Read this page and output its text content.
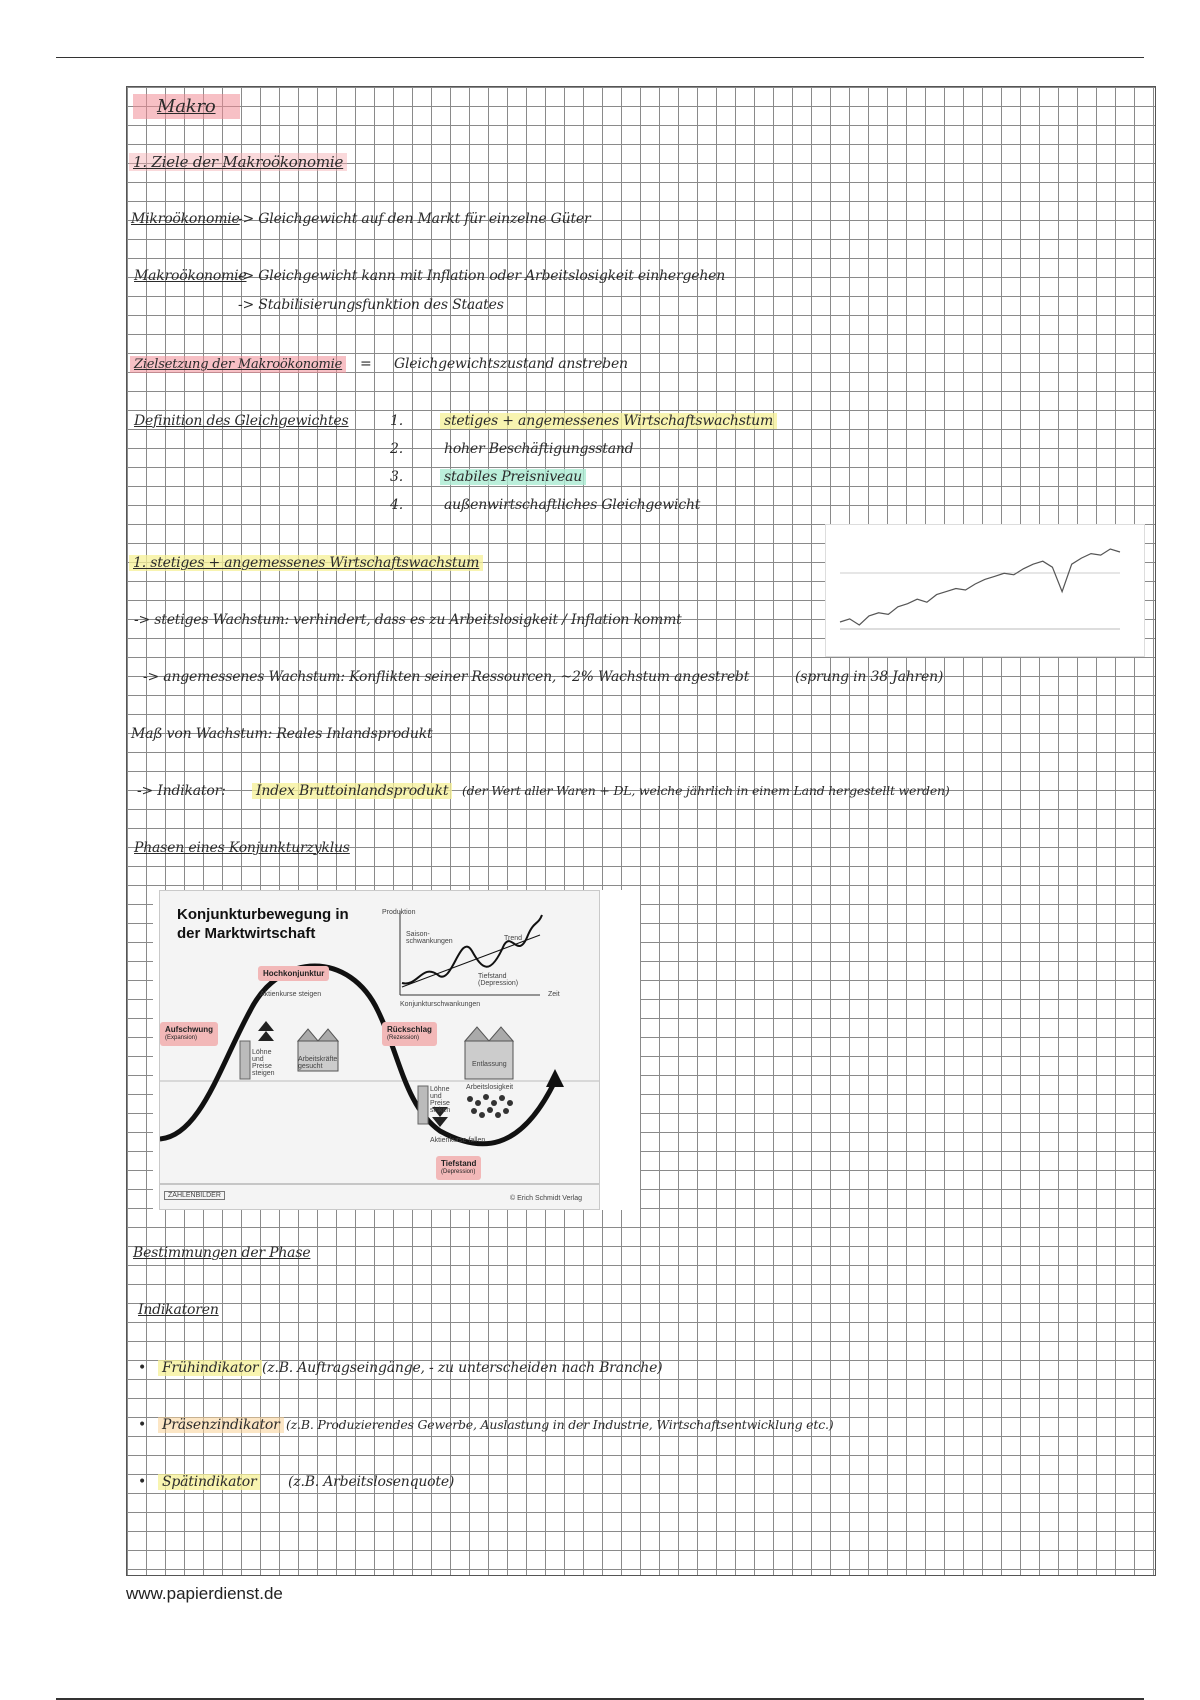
Makro
1. Ziele der Makroökonomie
Mikroökonomie
-> Gleichgewicht auf den Markt für einzelne Güter
Makroökonomie
-> Gleichgewicht kann mit Inflation oder Arbeitslosigkeit einhergehen
-> Stabilisierungsfunktion des Staates
Zielsetzung der Makroökonomie = Gleichgewichtszustand anstreben
Definition des Gleichgewichtes	1.	stetiges + angemessenes Wirtschaftswachstum
2.	hoher Beschäftigungsstand
3.	stabiles Preisniveau
4.	außenwirtschaftliches Gleichgewicht
1. stetiges + angemessenes Wirtschaftswachstum
-> stetiges Wachstum: verhindert, dass es zu Arbeitslosigkeit / Inflation kommt
-> angemessenes Wachstum: Konflikten seiner Ressourcen, ~2% Wachstum angestrebt	(sprung in 38 Jahren)
Maß von Wachstum: Reales Inlandsprodukt
-> Indikator: Index Bruttoinlandsprodukt	(der Wert aller Waren + DL, welche jährlich in einem Land hergestellt werden)
Phasen eines Konjunkturzyklus
Konjunkturbewegung in der Marktwirtschaft
Hochkonjunktur
Aufschwung
(Expansion)
Rückschlag
(Rezession)
Tiefstand
(Depression)
Produktion
Zeit
Saison-schwankungen	Trend
Konjunkturschwankungen
Tiefstand (Depression)
Aktienkurse steigen
Aktienkurse fallen
Arbeitskräfte gesucht	Entlassung
Arbeitslosigkeit
Löhne und Preise steigen
Löhne und Preise sinken
ZAHLENBILDER	© Erich Schmidt Verlag
Bestimmungen der Phase
Indikatoren
• Frühindikator (z.B. Auftragseingänge, - zu unterscheiden nach Branche)
• Präsenzindikator (z.B. Produzierendes Gewerbe, Auslastung in der Industrie, Wirtschaftsentwicklung etc.)
• Spätindikator (z.B. Arbeitslosenquote)
www.papierdienst.de
